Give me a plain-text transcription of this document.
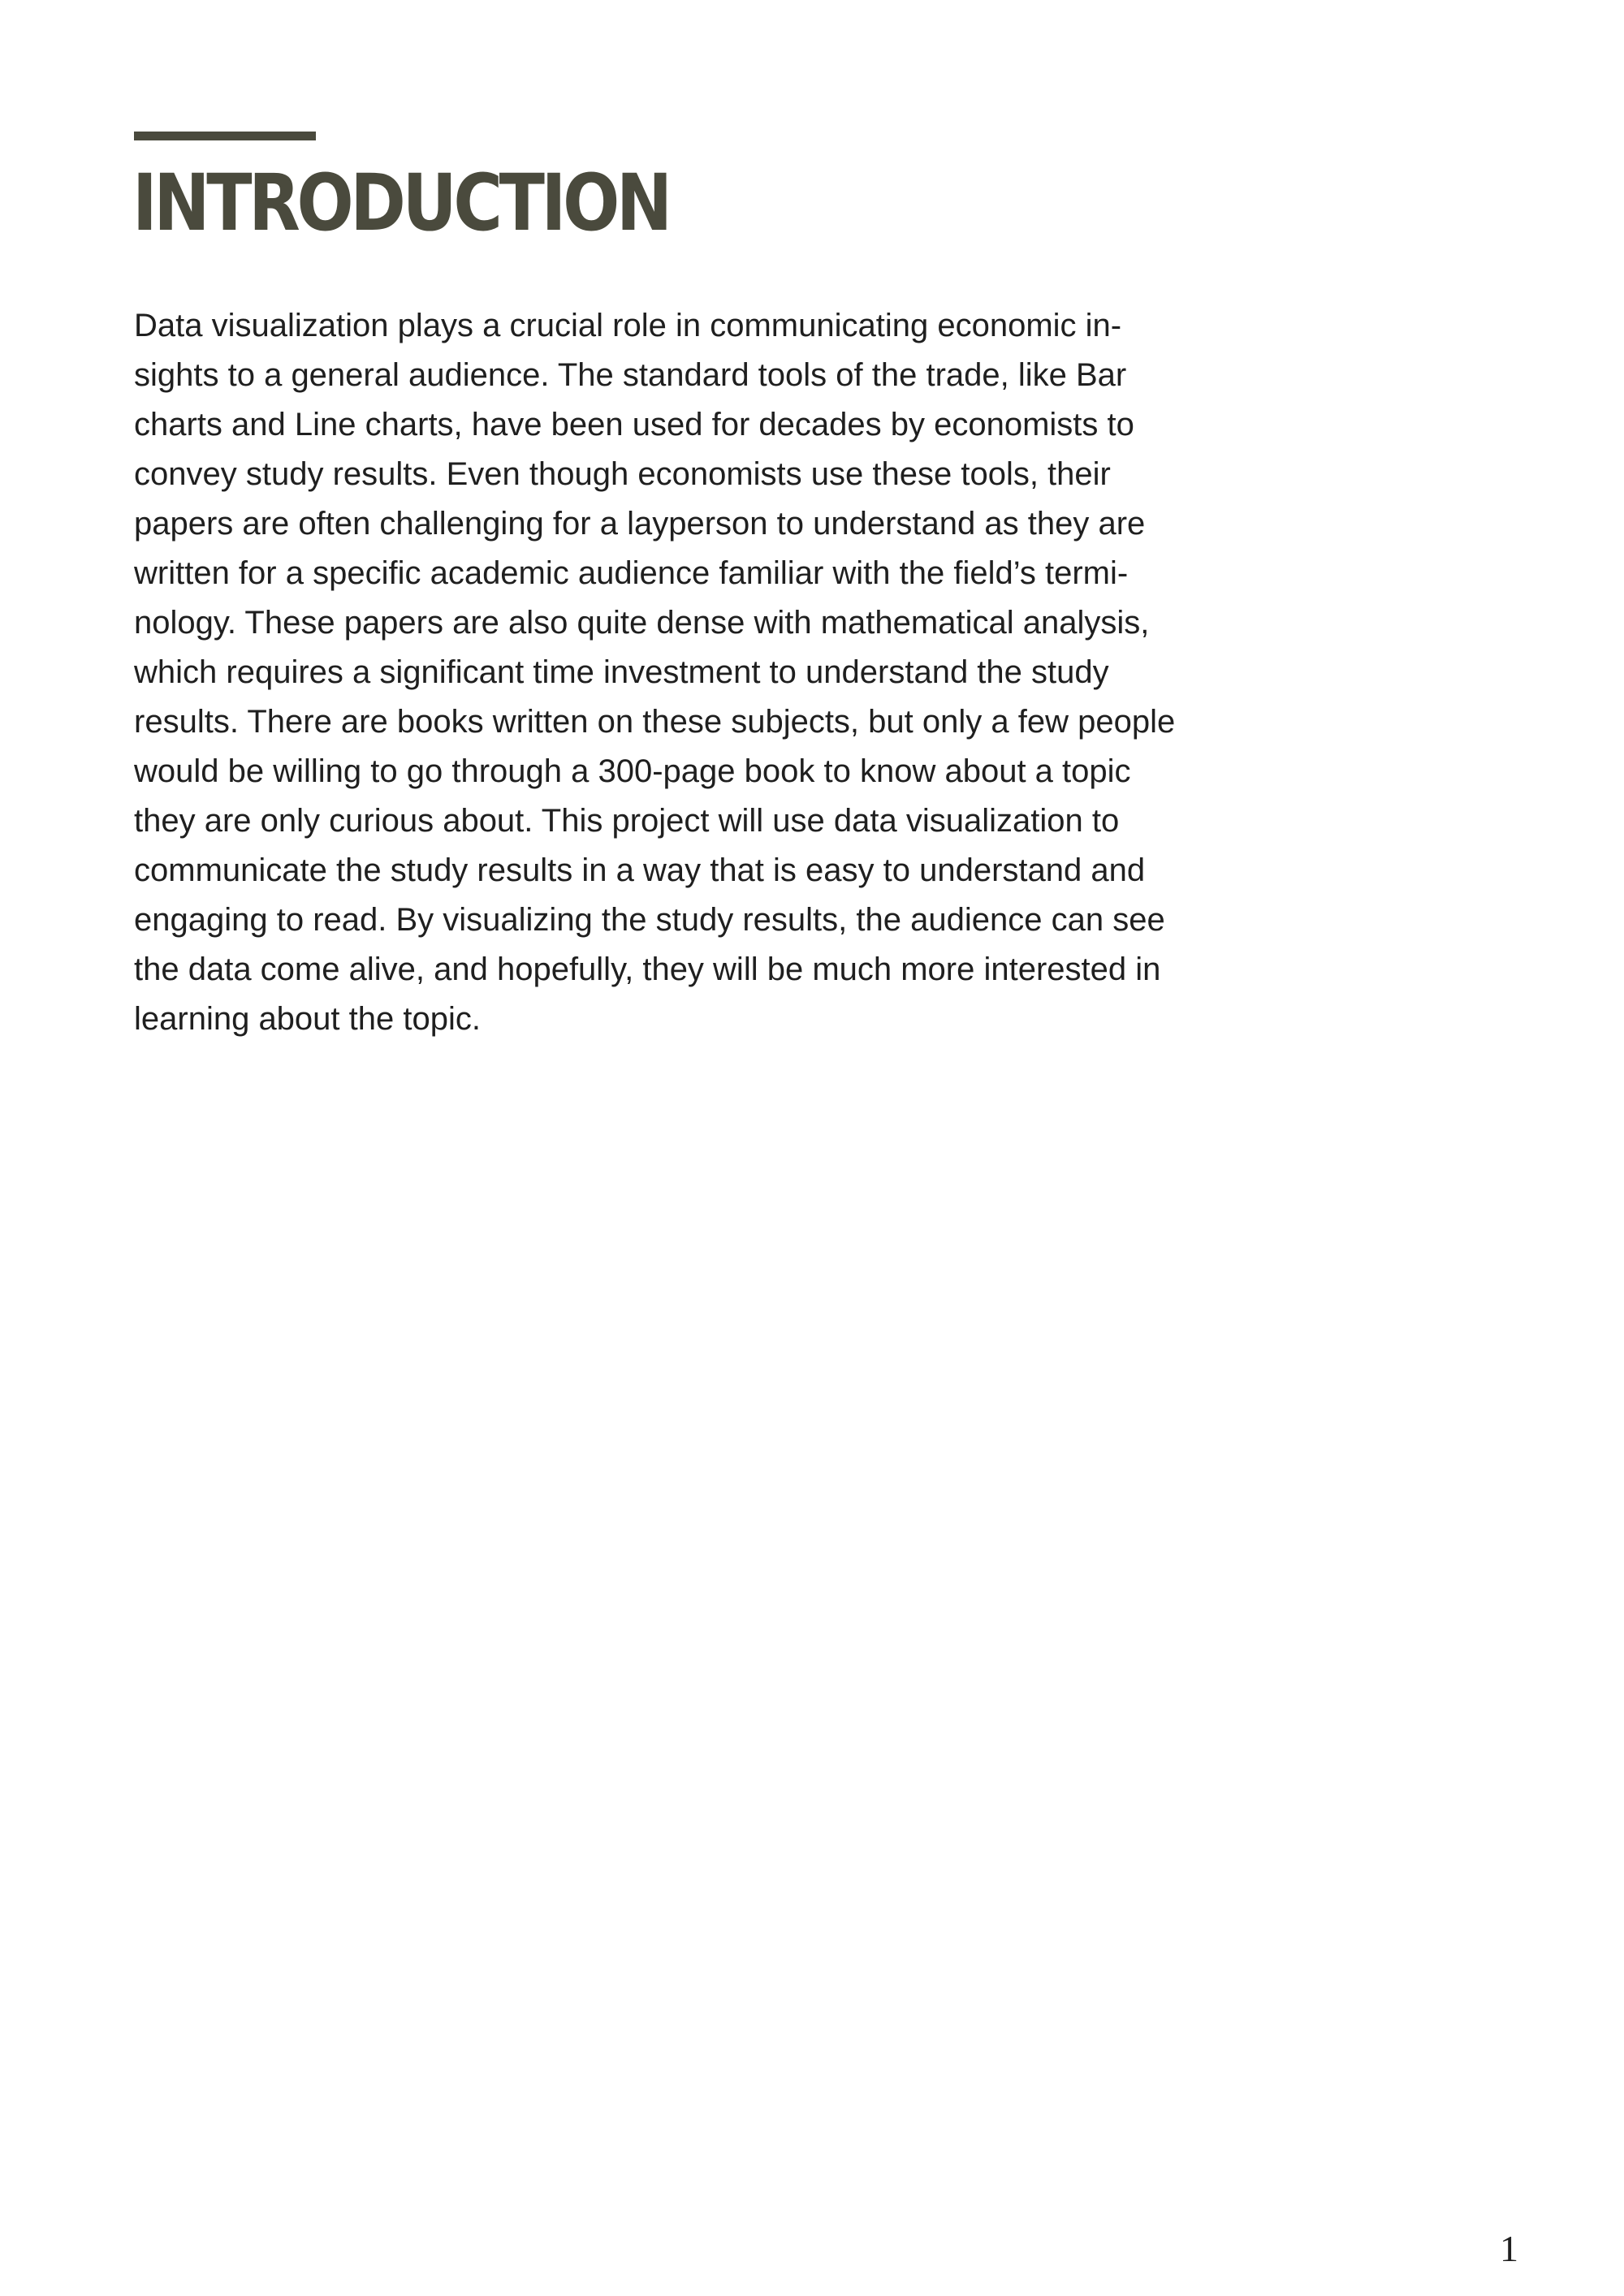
INTRODUCTION

Data visualization plays a crucial role in communicating economic in-
sights to a general audience. The standard tools of the trade, like Bar
charts and Line charts, have been used for decades by economists to
convey study results. Even though economists use these tools, their
papers are often challenging for a layperson to understand as they are
written for a specific academic audience familiar with the field’s termi-
nology. These papers are also quite dense with mathematical analysis,
which requires a significant time investment to understand the study
results. There are books written on these subjects, but only a few people
would be willing to go through a 300-page book to know about a topic
they are only curious about. This project will use data visualization to
communicate the study results in a way that is easy to understand and
engaging to read. By visualizing the study results, the audience can see
the data come alive, and hopefully, they will be much more interested in
learning about the topic.

1
